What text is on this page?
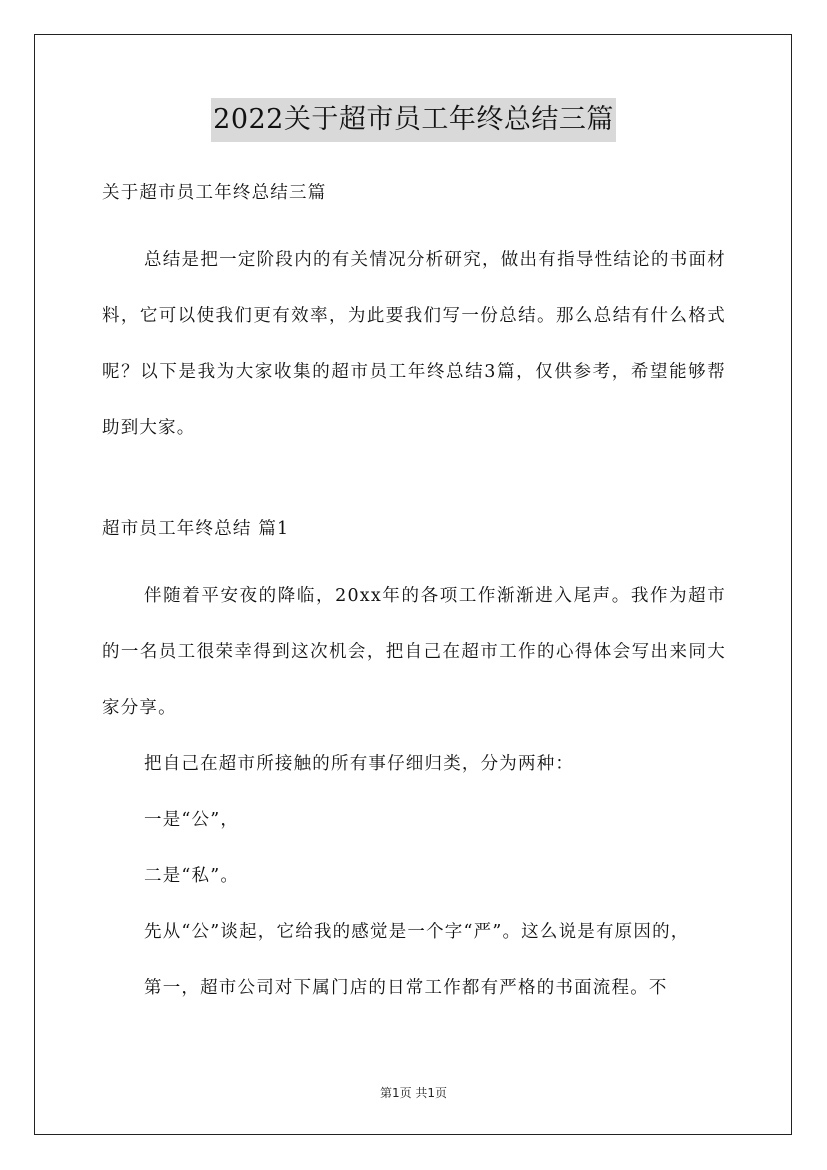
2022关于超市员工年终总结三篇
关于超市员工年终总结三篇

总结是把一定阶段内的有关情况分析研究，做出有指导性结论的书面材料，它可以使我们更有效率，为此要我们写一份总结。那么总结有什么格式呢？以下是我为大家收集的超市员工年终总结3篇，仅供参考，希望能够帮助到大家。

超市员工年终总结 篇1

伴随着平安夜的降临，20xx年的各项工作渐渐进入尾声。我作为超市的一名员工很荣幸得到这次机会，把自己在超市工作的心得体会写出来同大家分享。

把自己在超市所接触的所有事仔细归类，分为两种：

一是“公”，

二是“私”。

先从“公”谈起，它给我的感觉是一个字“严”。这么说是有原因的，

第一，超市公司对下属门店的日常工作都有严格的书面流程。不

第1页 共1页
